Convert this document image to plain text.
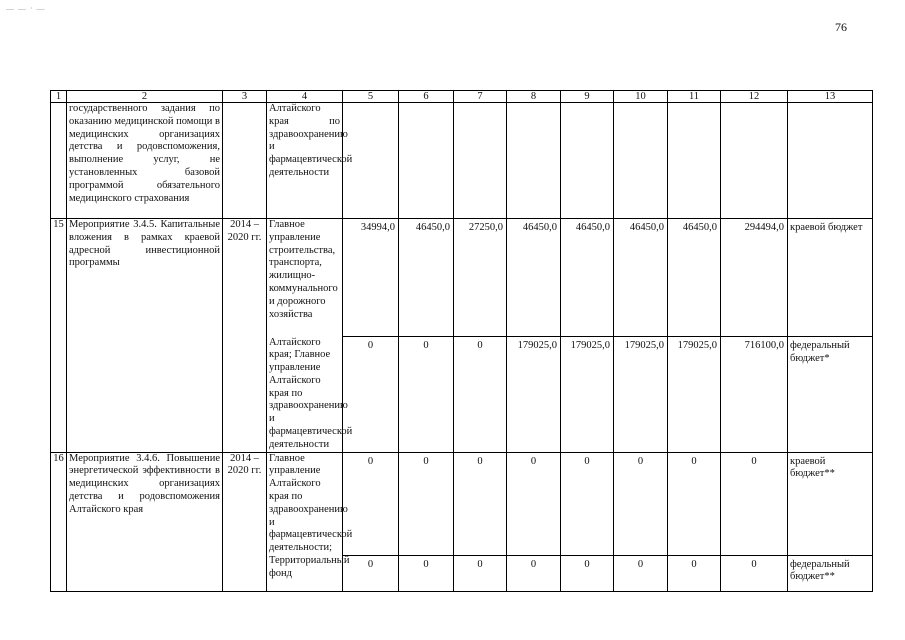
— — · —
76
1	2	3	4	5	6	7	8	9	10	11	12	13
	государственного задания по оказанию медицинской помощи в медицинских организациях детства и родовспоможения, выполнение услуг, не установленных базовой программой обязательного медицинского страхования		Алтайского края по здравоохранению и фармацевтической деятельности									
15	Мероприятие 3.4.5. Капитальные вложения в рамках краевой адресной инвестиционной программы	2014 – 2020 гг.	Главное управление строительства, транспорта, жилищно-коммунального и дорожного хозяйства	34994,0	46450,0	27250,0	46450,0	46450,0	46450,0	46450,0	294494,0	краевой бюджет
			Алтайского края; Главное управление Алтайского края по здравоохранению и фармацевтической деятельности	0	0	0	179025,0	179025,0	179025,0	179025,0	716100,0	федеральный бюджет*
16	Мероприятие 3.4.6. Повышение энергетической эффективности в медицинских организациях детства и родовспоможения Алтайского края	2014 – 2020 гг.	Главное управление Алтайского края по здравоохранению и фармацевтической деятельности;	0	0	0	0	0	0	0	0	краевой бюджет**
			Территориальный фонд	0	0	0	0	0	0	0	0	федеральный бюджет**
